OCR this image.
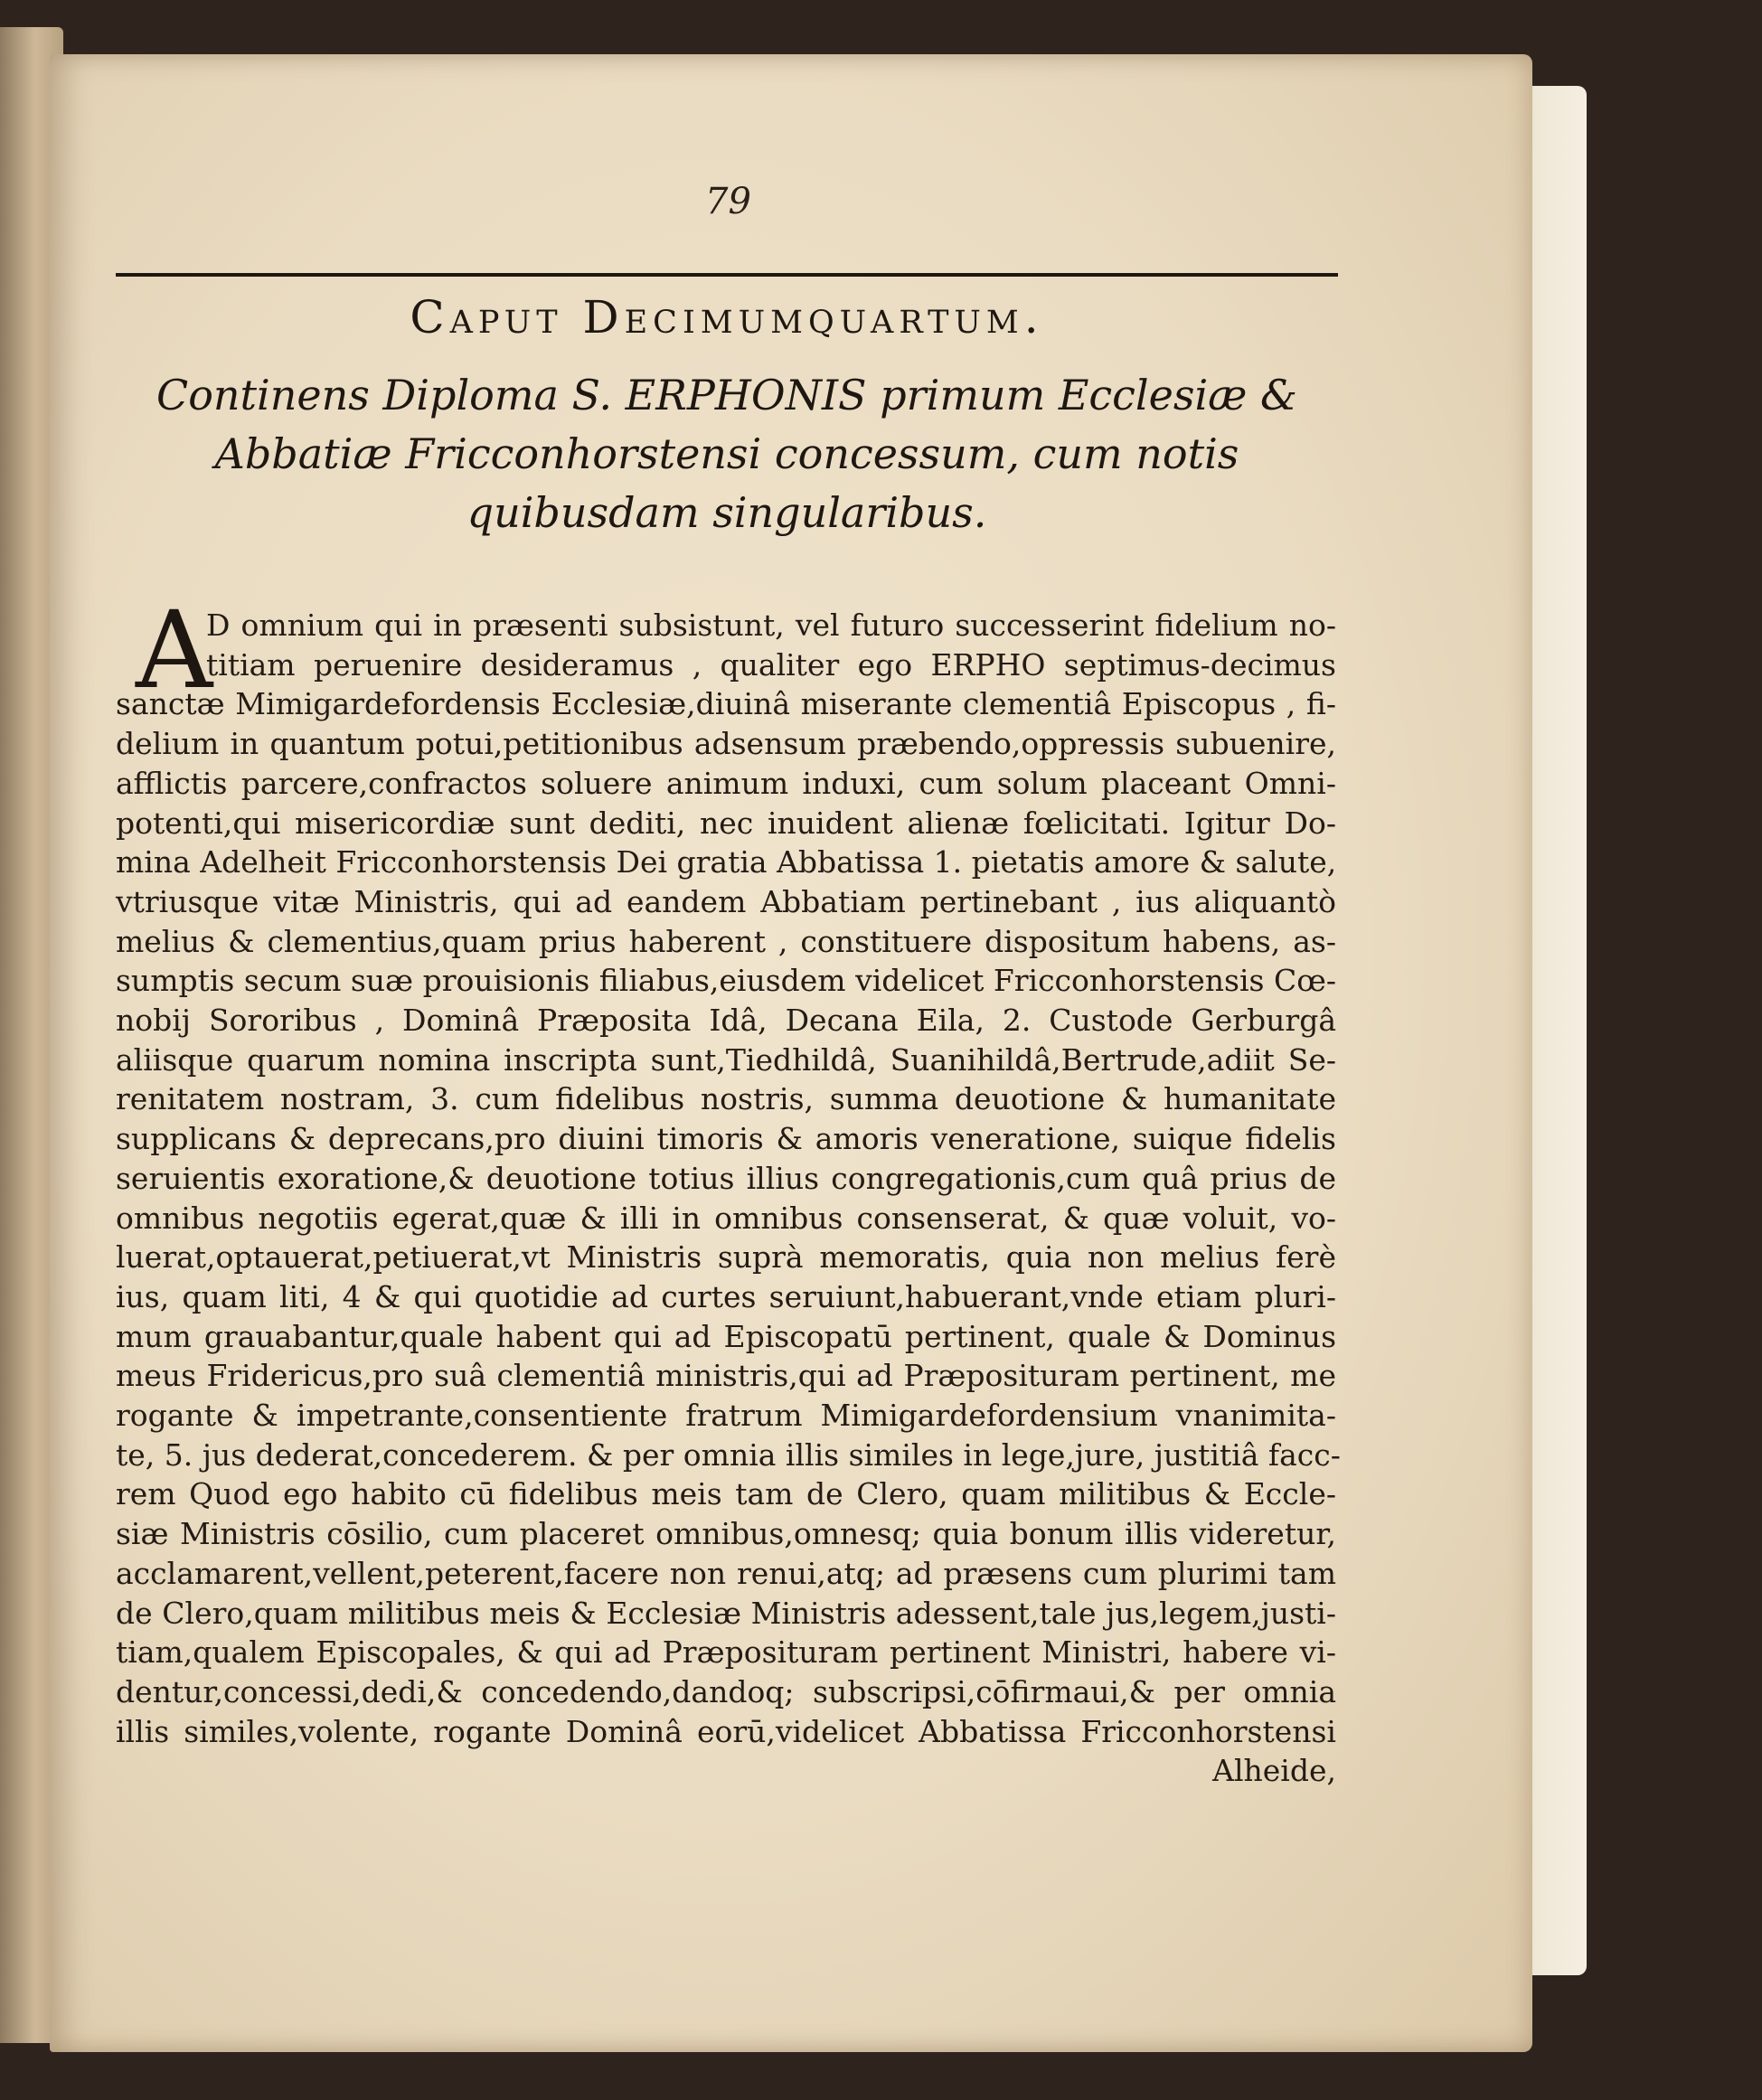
79
Caput Decimumquartum.
Continens Diploma S. ERPHONIS primum Ecclesiæ &
Abbatiæ Fricconhorstensi concessum, cum notis
quibusdam singularibus.
A
D omnium qui in præsenti subsistunt, vel futuro successerint fidelium no-
titiam peruenire desideramus , qualiter ego ERPHO septimus-decimus
sanctæ Mimigardefordensis Ecclesiæ,diuinâ miserante clementiâ Episcopus , fi-
delium in quantum potui,petitionibus adsensum præbendo,oppressis subuenire,
afflictis parcere,confractos soluere animum induxi, cum solum placeant Omni-
potenti,qui misericordiæ sunt dediti, nec inuident alienæ fœlicitati. Igitur Do-
mina Adelheit Fricconhorstensis Dei gratia Abbatissa 1. pietatis amore & salute,
vtriusque vitæ Ministris, qui ad eandem Abbatiam pertinebant , ius aliquantò
melius & clementius,quam prius haberent , constituere dispositum habens, as-
sumptis secum suæ prouisionis filiabus,eiusdem videlicet Fricconhorstensis Cœ-
nobij Sororibus , Dominâ Præposita Idâ, Decana Eila, 2. Custode Gerburgâ
aliisque quarum nomina inscripta sunt,Tiedhildâ, Suanihildâ,Bertrude,adiit Se-
renitatem nostram, 3. cum fidelibus nostris, summa deuotione & humanitate
supplicans & deprecans,pro diuini timoris & amoris veneratione, suique fidelis
seruientis exoratione,& deuotione totius illius congregationis,cum quâ prius de
omnibus negotiis egerat,quæ & illi in omnibus consenserat, & quæ voluit, vo-
luerat,optauerat,petiuerat,vt Ministris suprà memoratis, quia non melius ferè
ius, quam liti, 4 & qui quotidie ad curtes seruiunt,habuerant,vnde etiam pluri-
mum grauabantur,quale habent qui ad Episcopatū pertinent, quale & Dominus
meus Fridericus,pro suâ clementiâ ministris,qui ad Præposituram pertinent, me
rogante & impetrante,consentiente fratrum Mimigardefordensium vnanimita-
te, 5. jus dederat,concederem. & per omnia illis similes in lege,jure, justitiâ facc-
rem Quod ego habito cū fidelibus meis tam de Clero, quam militibus & Eccle-
siæ Ministris cōsilio, cum placeret omnibus,omnesq; quia bonum illis videretur,
acclamarent,vellent,peterent,facere non renui,atq; ad præsens cum plurimi tam
de Clero,quam militibus meis & Ecclesiæ Ministris adessent,tale jus,legem,justi-
tiam,qualem Episcopales, & qui ad Præposituram pertinent Ministri, habere vi-
dentur,concessi,dedi,& concedendo,dandoq; subscripsi,cōfirmaui,& per omnia
illis similes,volente, rogante Dominâ eorū,videlicet Abbatissa Fricconhorstensi
Alheide,
